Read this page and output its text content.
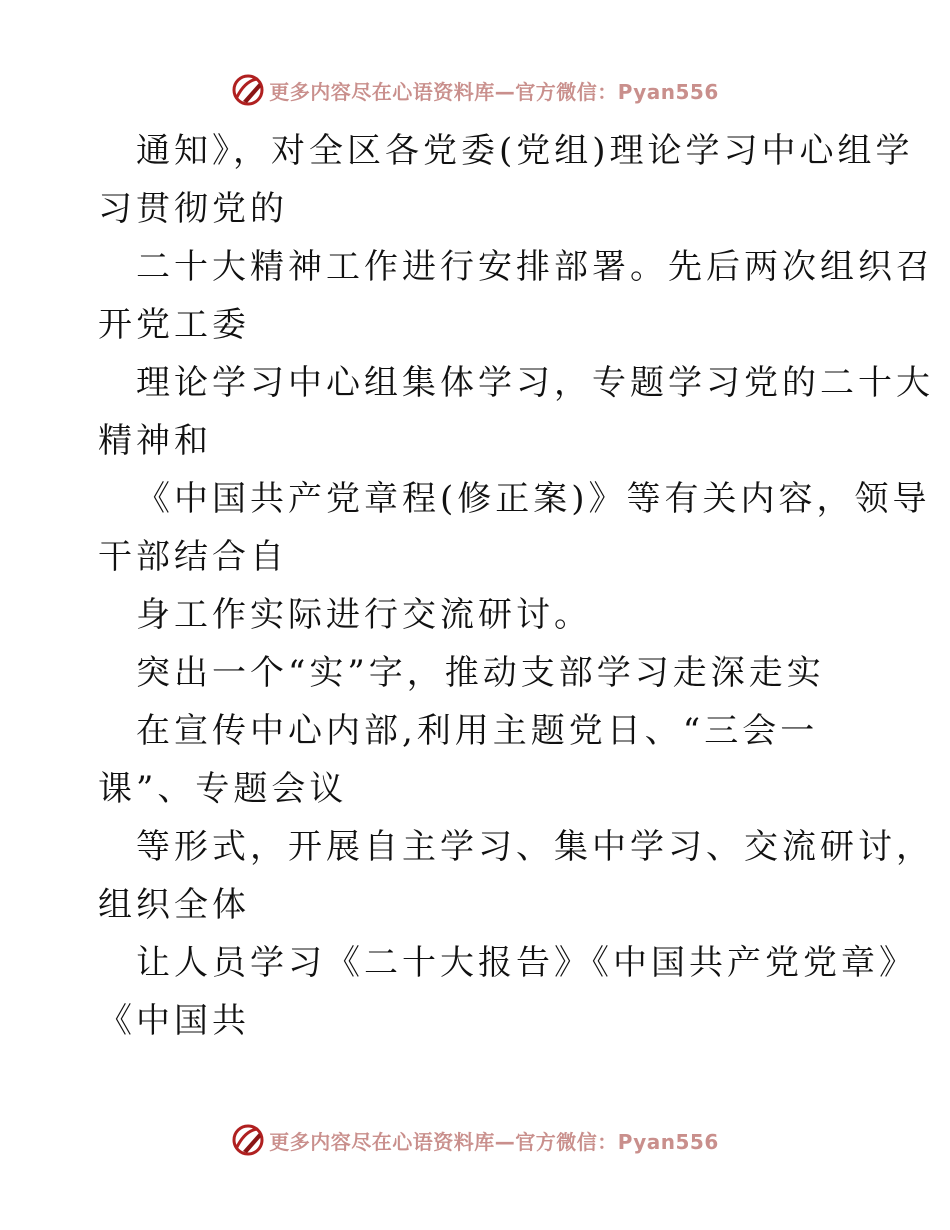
更多内容尽在心语资料库—官方微信：Pyan556
通知》，对全区各党委(党组)理论学习中心组学
习贯彻党的
二十大精神工作进行安排部署。先后两次组织召
开党工委
理论学习中心组集体学习，专题学习党的二十大
精神和
《中国共产党章程(修正案)》等有关内容，领导
干部结合自
身工作实际进行交流研讨。
突出一个“实”字，推动支部学习走深走实
在宣传中心内部,利用主题党日、“三会一
课”、专题会议
等形式，开展自主学习、集中学习、交流研讨，
组织全体
让人员学习《二十大报告》《中国共产党党章》
《中国共
更多内容尽在心语资料库—官方微信：Pyan556
